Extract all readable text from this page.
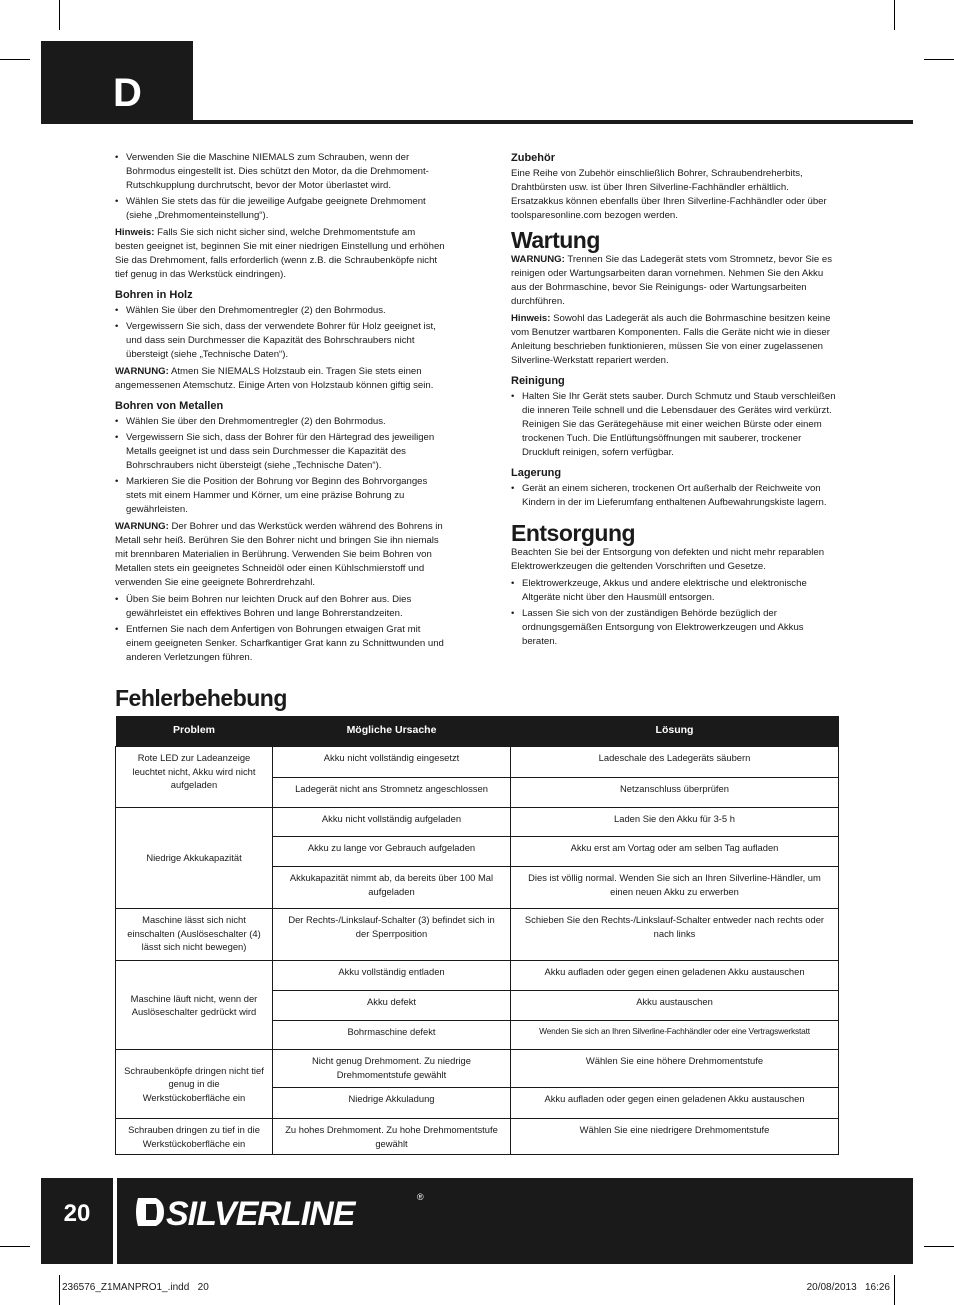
D
• Verwenden Sie die Maschine NIEMALS zum Schrauben, wenn der Bohrmodus eingestellt ist. Dies schützt den Motor, da die Drehmoment-Rutschkupplung durchrutscht, bevor der Motor überlastet wird.
• Wählen Sie stets das für die jeweilige Aufgabe geeignete Drehmoment (siehe „Drehmomenteinstellung“).

Hinweis: Falls Sie sich nicht sicher sind, welche Drehmomentstufe am besten geeignet ist, beginnen Sie mit einer niedrigen Einstellung und erhöhen Sie das Drehmoment, falls erforderlich (wenn z.B. die Schraubenköpfe nicht tief genug in das Werkstück eindringen).

Bohren in Holz
• Wählen Sie über den Drehmomentregler (2) den Bohrmodus.
• Vergewissern Sie sich, dass der verwendete Bohrer für Holz geeignet ist, und dass sein Durchmesser die Kapazität des Bohrschraubers nicht übersteigt (siehe „Technische Daten“).

WARNUNG: Atmen Sie NIEMALS Holzstaub ein. Tragen Sie stets einen angemessenen Atemschutz. Einige Arten von Holzstaub können giftig sein.

Bohren von Metallen
• Wählen Sie über den Drehmomentregler (2) den Bohrmodus.
• Vergewissern Sie sich, dass der Bohrer für den Härtegrad des jeweiligen Metalls geeignet ist und dass sein Durchmesser die Kapazität des Bohrschraubers nicht übersteigt (siehe „Technische Daten“).
• Markieren Sie die Position der Bohrung vor Beginn des Bohrvorganges stets mit einem Hammer und Körner, um eine präzise Bohrung zu gewährleisten.

WARNUNG: Der Bohrer und das Werkstück werden während des Bohrens in Metall sehr heiß. Berühren Sie den Bohrer nicht und bringen Sie ihn niemals mit brennbaren Materialien in Berührung. Verwenden Sie beim Bohren von Metallen stets ein geeignetes Schneidöl oder einen Kühlschmierstoff und verwenden Sie eine geeignete Bohrerdrehzahl.

• Üben Sie beim Bohren nur leichten Druck auf den Bohrer aus. Dies gewährleistet ein effektives Bohren und lange Bohrerstandzeiten.
• Entfernen Sie nach dem Anfertigen von Bohrungen etwaigen Grat mit einem geeigneten Senker. Scharfkantiger Grat kann zu Schnittwunden und anderen Verletzungen führen.
Zubehör

Eine Reihe von Zubehör einschließlich Bohrer, Schraubendreherbits, Drahtbürsten usw. ist über Ihren Silverline-Fachhändler erhältlich. Ersatzakkus können ebenfalls über Ihren Silverline-Fachhändler oder über toolsparesonline.com bezogen werden.

Wartung

WARNUNG: Trennen Sie das Ladegerät stets vom Stromnetz, bevor Sie es reinigen oder Wartungsarbeiten daran vornehmen. Nehmen Sie den Akku aus der Bohrmaschine, bevor Sie Reinigungs- oder Wartungsarbeiten durchführen.

Hinweis: Sowohl das Ladegerät als auch die Bohrmaschine besitzen keine vom Benutzer wartbaren Komponenten. Falls die Geräte nicht wie in dieser Anleitung beschrieben funktionieren, müssen Sie von einer zugelassenen Silverline-Werkstatt repariert werden.

Reinigung
• Halten Sie Ihr Gerät stets sauber. Durch Schmutz und Staub verschleißen die inneren Teile schnell und die Lebensdauer des Gerätes wird verkürzt. Reinigen Sie das Gerätegehäuse mit einer weichen Bürste oder einem trockenen Tuch. Die Entlüftungsöffnungen mit sauberer, trockener Druckluft reinigen, sofern verfügbar.
Lagerung
• Gerät an einem sicheren, trockenen Ort außerhalb der Reichweite von Kindern in der im Lieferumfang enthaltenen Aufbewahrungskiste lagern.
Entsorgung

Beachten Sie bei der Entsorgung von defekten und nicht mehr reparablen Elektrowerkzeugen die geltenden Vorschriften und Gesetze.

• Elektrowerkzeuge, Akkus und andere elektrische und elektronische Altgeräte nicht über den Hausmüll entsorgen.
• Lassen Sie sich von der zuständigen Behörde bezüglich der ordnungsgemäßen Entsorgung von Elektrowerkzeugen und Akkus beraten.
Fehlerbehebung
Problem	Mögliche Ursache	Lösung
Rote LED zur Ladeanzeige leuchtet nicht, Akku wird nicht aufgeladen	Akku nicht vollständig eingesetzt	Ladeschale des Ladegeräts säubern
	Ladegerät nicht ans Stromnetz angeschlossen	Netzanschluss überprüfen
Niedrige Akkukapazität	Akku nicht vollständig aufgeladen	Laden Sie den Akku für 3-5 h
	Akku zu lange vor Gebrauch aufgeladen	Akku erst am Vortag oder am selben Tag aufladen
	Akkukapazität nimmt ab, da bereits über 100 Mal aufgeladen	Dies ist völlig normal. Wenden Sie sich an Ihren Silverline-Händler, um einen neuen Akku zu erwerben
Maschine lässt sich nicht einschalten (Auslöseschalter (4) lässt sich nicht bewegen)	Der Rechts-/Linkslauf-Schalter (3) befindet sich in der Sperrposition	Schieben Sie den Rechts-/Linkslauf-Schalter entweder nach rechts oder nach links
Maschine läuft nicht, wenn der Auslöseschalter gedrückt wird	Akku vollständig entladen	Akku aufladen oder gegen einen geladenen Akku austauschen
	Akku defekt	Akku austauschen
	Bohrmaschine defekt	Wenden Sie sich an Ihren Silverline-Fachhändler oder eine Vertragswerkstatt
Schraubenköpfe dringen nicht tief genug in die Werkstückoberfläche ein	Nicht genug Drehmoment. Zu niedrige Drehmomentstufe gewählt	Wählen Sie eine höhere Drehmomentstufe
	Niedrige Akkuladung	Akku aufladen oder gegen einen geladenen Akku austauschen
Schrauben dringen zu tief in die Werkstückoberfläche ein	Zu hohes Drehmoment. Zu hohe Drehmomentstufe gewählt	Wählen Sie eine niedrigere Drehmomentstufe
20	SILVERLINE	®
236576_Z1MANPRO1_.indd   20	20/08/2013   16:26
